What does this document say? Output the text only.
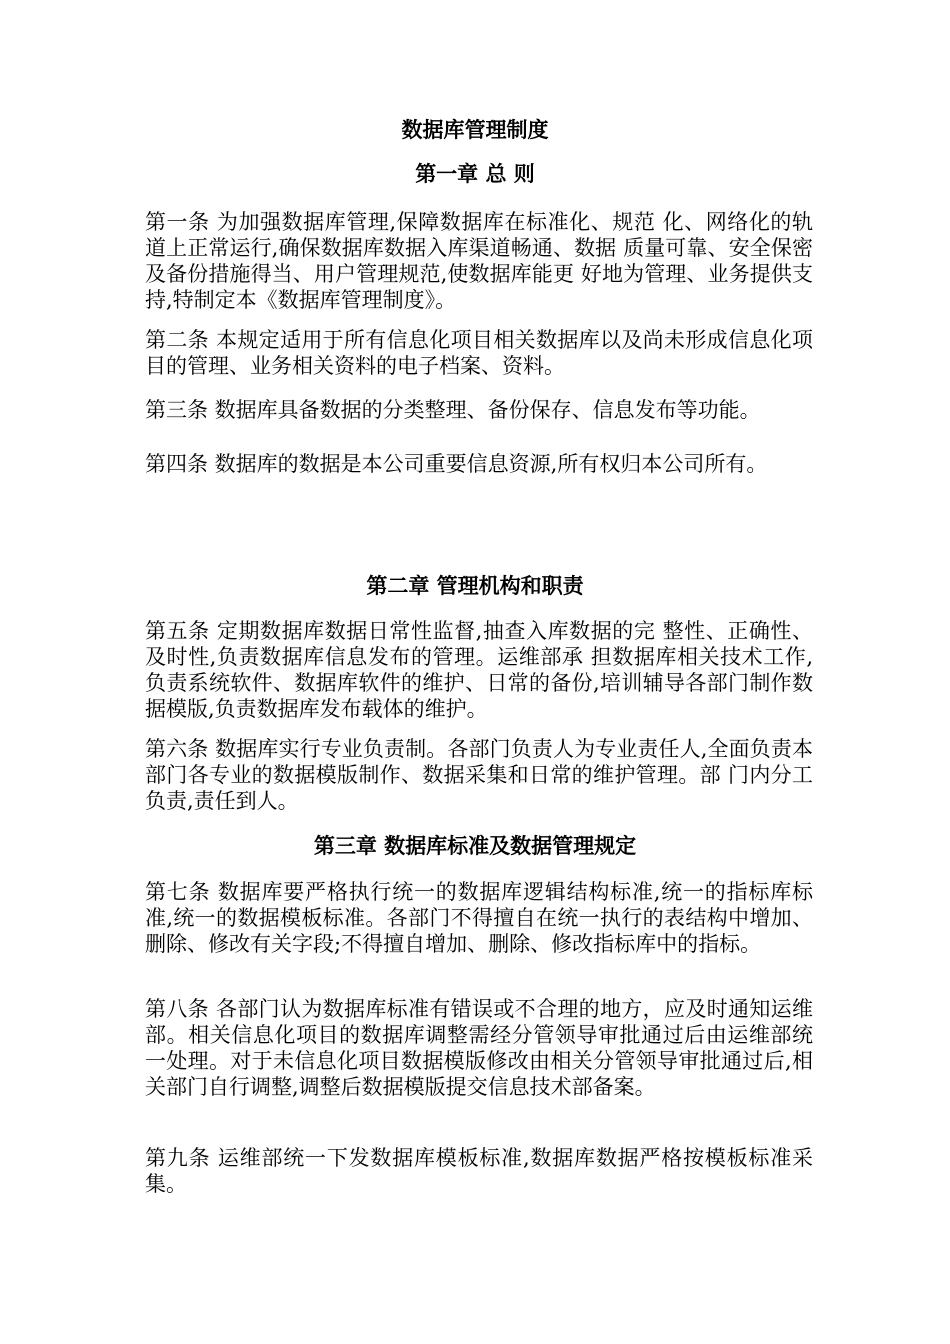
数据库管理制度
第一章 总 则

第一条 为加强数据库管理,保障数据库在标准化、规范 化、网络化的轨道上正常运行,确保数据库数据入库渠道畅通、数据 质量可靠、安全保密及备份措施得当、用户管理规范,使数据库能更 好地为管理、业务提供支持,特制定本《数据库管理制度》。

第二条 本规定适用于所有信息化项目相关数据库以及尚未形成信息化项目的管理、业务相关资料的电子档案、资料。

第三条 数据库具备数据的分类整理、备份保存、信息发布等功能。

第四条 数据库的数据是本公司重要信息资源,所有权归本公司所有。

第二章 管理机构和职责

第五条 定期数据库数据日常性监督,抽查入库数据的完 整性、正确性、及时性,负责数据库信息发布的管理。运维部承 担数据库相关技术工作,负责系统软件、数据库软件的维护、日常的备份,培训辅导各部门制作数据模版,负责数据库发布载体的维护。

第六条 数据库实行专业负责制。各部门负责人为专业责任人,全面负责本部门各专业的数据模版制作、数据采集和日常的维护管理。部 门内分工负责,责任到人。

第三章 数据库标准及数据管理规定

第七条 数据库要严格执行统一的数据库逻辑结构标准,统一的指标库标准,统一的数据模板标准。各部门不得擅自在统一执行的表结构中增加、删除、修改有关字段;不得擅自增加、删除、修改指标库中的指标。

第八条 各部门认为数据库标准有错误或不合理的地方，应及时通知运维部。相关信息化项目的数据库调整需经分管领导审批通过后由运维部统一处理。对于未信息化项目数据模版修改由相关分管领导审批通过后,相关部门自行调整,调整后数据模版提交信息技术部备案。

第九条 运维部统一下发数据库模板标准,数据库数据严格按模板标准采集。
